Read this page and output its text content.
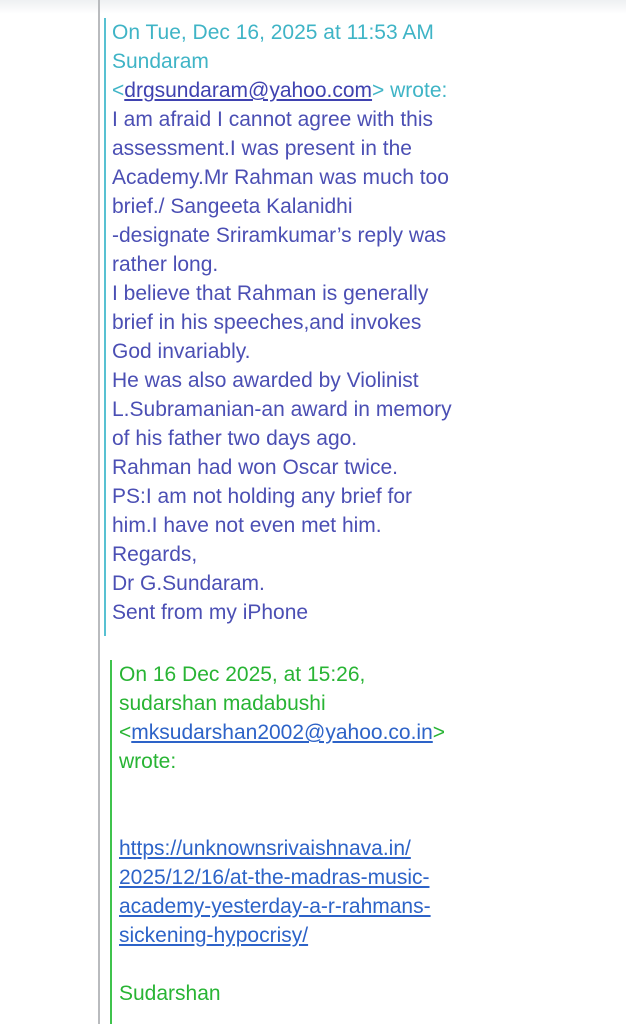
On Tue, Dec 16, 2025 at 11:53 AM
Sundaram
<drgsundaram@yahoo.com> wrote:
I am afraid I cannot agree with this
assessment.I was present in the
Academy.Mr Rahman was much too
brief./ Sangeeta Kalanidhi
-designate Sriramkumar’s reply was
rather long.
I believe that Rahman is generally
brief in his speeches,and invokes
God invariably.
He was also awarded by Violinist
L.Subramanian-an award in memory
of his father two days ago.
Rahman had won Oscar twice.
PS:I am not holding any brief for
him.I have not even met him.
Regards,
Dr G.Sundaram.
Sent from my iPhone
On 16 Dec 2025, at 15:26,
sudarshan madabushi
<mksudarshan2002@yahoo.co.in>
wrote:
https://unknownsrivaishnava.in/
2025/12/16/at-the-madras-music-
academy-yesterday-a-r-rahmans-
sickening-hypocrisy/
Sudarshan
